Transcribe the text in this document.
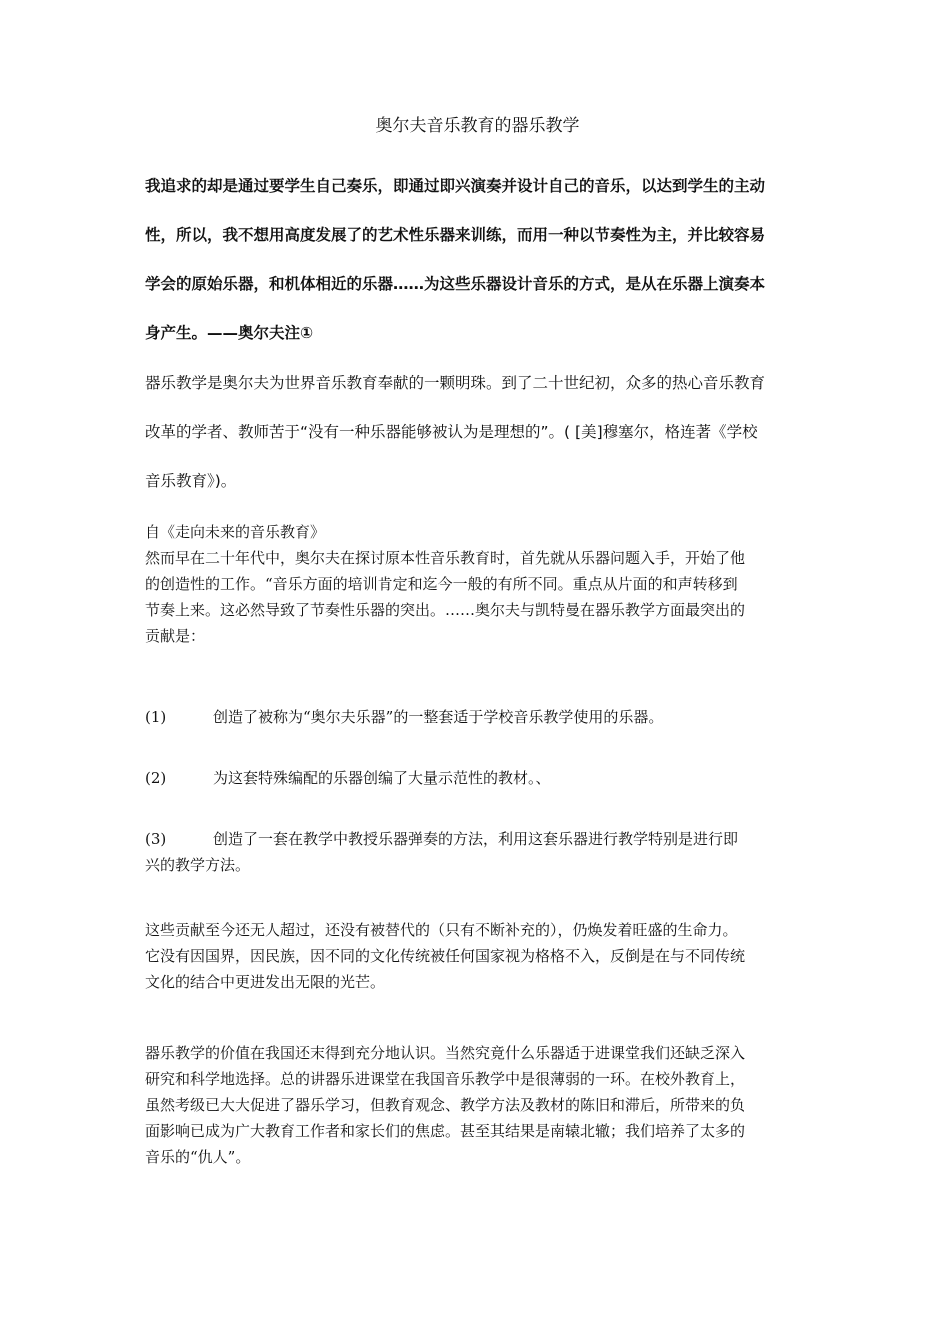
奥尔夫音乐教育的器乐教学
我追求的却是通过要学生自己奏乐，即通过即兴演奏并设计自己的音乐，以达到学生的主动
性，所以，我不想用高度发展了的艺术性乐器来训练，而用一种以节奏性为主，并比较容易
学会的原始乐器，和机体相近的乐器……为这些乐器设计音乐的方式，是从在乐器上演奏本
身产生。——奥尔夫注①
器乐教学是奥尔夫为世界音乐教育奉献的一颗明珠。到了二十世纪初，众多的热心音乐教育
改革的学者、教师苦于“没有一种乐器能够被认为是理想的”。( [美]穆塞尔，格连著《学校
音乐教育》)。
自《走向未来的音乐教育》
然而早在二十年代中，奥尔夫在探讨原本性音乐教育时，首先就从乐器问题入手，开始了他
的创造性的工作。“音乐方面的培训肯定和迄今一般的有所不同。重点从片面的和声转移到
节奏上来。这必然导致了节奏性乐器的突出。……奥尔夫与凯特曼在器乐教学方面最突出的
贡献是：
(1)	创造了被称为“奥尔夫乐器”的一整套适于学校音乐教学使用的乐器。
(2)	为这套特殊编配的乐器创编了大量示范性的教材。、
(3)	创造了一套在教学中教授乐器弹奏的方法，利用这套乐器进行教学特别是进行即
兴的教学方法。
这些贡献至今还无人超过，还没有被替代的（只有不断补充的），仍焕发着旺盛的生命力。
它没有因国界，因民族，因不同的文化传统被任何国家视为格格不入，反倒是在与不同传统
文化的结合中更进发出无限的光芒。
器乐教学的价值在我国还末得到充分地认识。当然究竟什么乐器适于进课堂我们还缺乏深入
研究和科学地选择。总的讲器乐进课堂在我国音乐教学中是很薄弱的一环。在校外教育上，
虽然考级已大大促进了器乐学习，但教育观念、教学方法及教材的陈旧和滞后，所带来的负
面影响已成为广大教育工作者和家长们的焦虑。甚至其结果是南辕北辙；我们培养了太多的
音乐的“仇人”。
